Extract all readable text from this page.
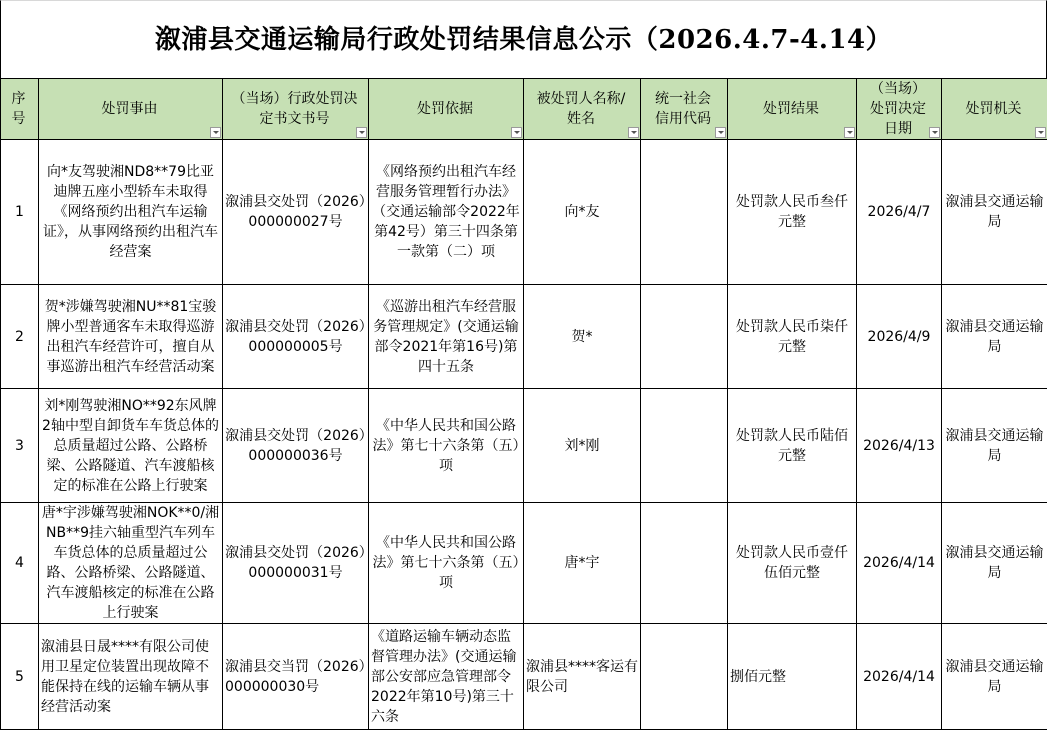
溆浦县交通运输局行政处罚结果信息公示（2026.4.7-4.14）
序号	处罚事由	（当场）行政处罚决定书文书号	处罚依据	被处罚人名称/姓名	统一社会信用代码	处罚结果	（当场）处罚决定日期	处罚机关

1	向*友驾驶湘ND8**79比亚迪牌五座小型轿车未取得《网络预约出租汽车运输证》，从事网络预约出租汽车经营案	溆浦县交处罚（2026）000000027号	《网络预约出租汽车经营服务管理暂行办法》（交通运输部令2022年第42号）第三十四条第一款第（二）项	向*友		处罚款人民币叁仟元整	2026/4/7	溆浦县交通运输局
2	贺*涉嫌驾驶湘NU**81宝骏牌小型普通客车未取得巡游出租汽车经营许可，擅自从事巡游出租汽车经营活动案	溆浦县交处罚（2026）000000005号	《巡游出租汽车经营服务管理规定》(交通运输部令2021年第16号)第四十五条	贺*		处罚款人民币柒仟元整	2026/4/9	溆浦县交通运输局
3	刘*刚驾驶湘NO**92东风牌2轴中型自卸货车车货总体的总质量超过公路、公路桥梁、公路隧道、汽车渡船核定的标准在公路上行驶案	溆浦县交处罚（2026）000000036号	《中华人民共和国公路法》第七十六条第（五）项	刘*刚		处罚款人民币陆佰元整	2026/4/13	溆浦县交通运输局
4	唐*宇涉嫌驾驶湘NOK**0/湘NB**9挂六轴重型汽车列车车货总体的总质量超过公路、公路桥梁、公路隧道、汽车渡船核定的标准在公路上行驶案	溆浦县交处罚（2026）000000031号	《中华人民共和国公路法》第七十六条第（五）项	唐*宇		处罚款人民币壹仟伍佰元整	2026/4/14	溆浦县交通运输局
5	溆浦县日晟****有限公司使用卫星定位装置出现故障不能保持在线的运输车辆从事经营活动案	溆浦县交当罚（2026）000000030号	《道路运输车辆动态监督管理办法》(交通运输部公安部应急管理部令2022年第10号)第三十六条	溆浦县****客运有限公司		捌佰元整	2026/4/14	溆浦县交通运输局
